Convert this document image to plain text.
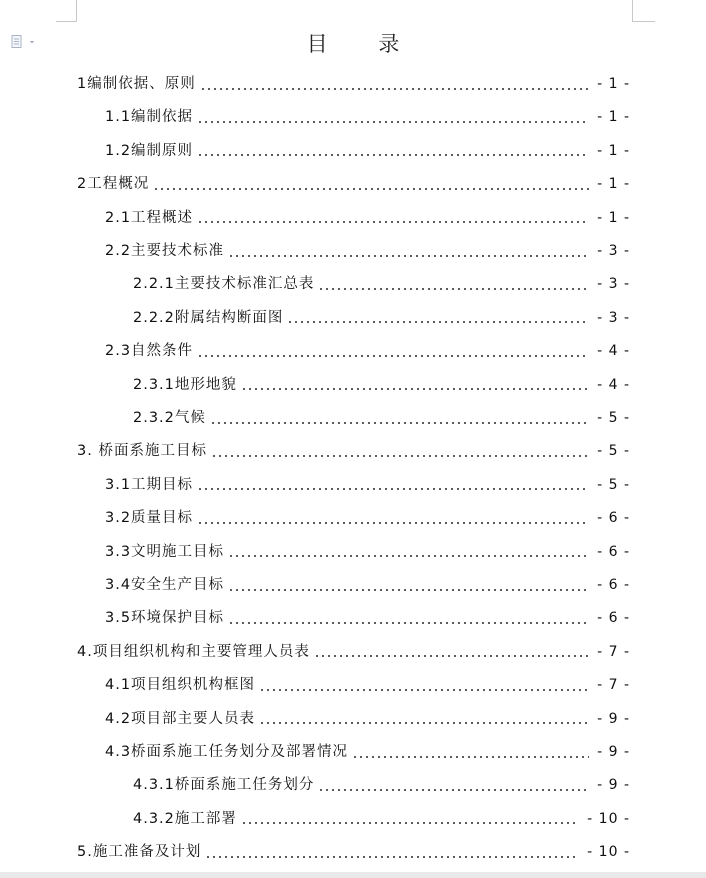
目 录
1编制依据、原则	- 1 -
1.1编制依据	- 1 -
1.2编制原则	- 1 -
2工程概况	- 1 -
2.1工程概述	- 1 -
2.2主要技术标准	- 3 -
2.2.1主要技术标准汇总表	- 3 -
2.2.2附属结构断面图	- 3 -
2.3自然条件	- 4 -
2.3.1地形地貌	- 4 -
2.3.2气候	- 5 -
3. 桥面系施工目标	- 5 -
3.1工期目标	- 5 -
3.2质量目标	- 6 -
3.3文明施工目标	- 6 -
3.4安全生产目标	- 6 -
3.5环境保护目标	- 6 -
4.项目组织机构和主要管理人员表	- 7 -
4.1项目组织机构框图	- 7 -
4.2项目部主要人员表	- 9 -
4.3桥面系施工任务划分及部署情况	- 9 -
4.3.1桥面系施工任务划分	- 9 -
4.3.2施工部署	- 10 -
5.施工准备及计划	- 10 -
